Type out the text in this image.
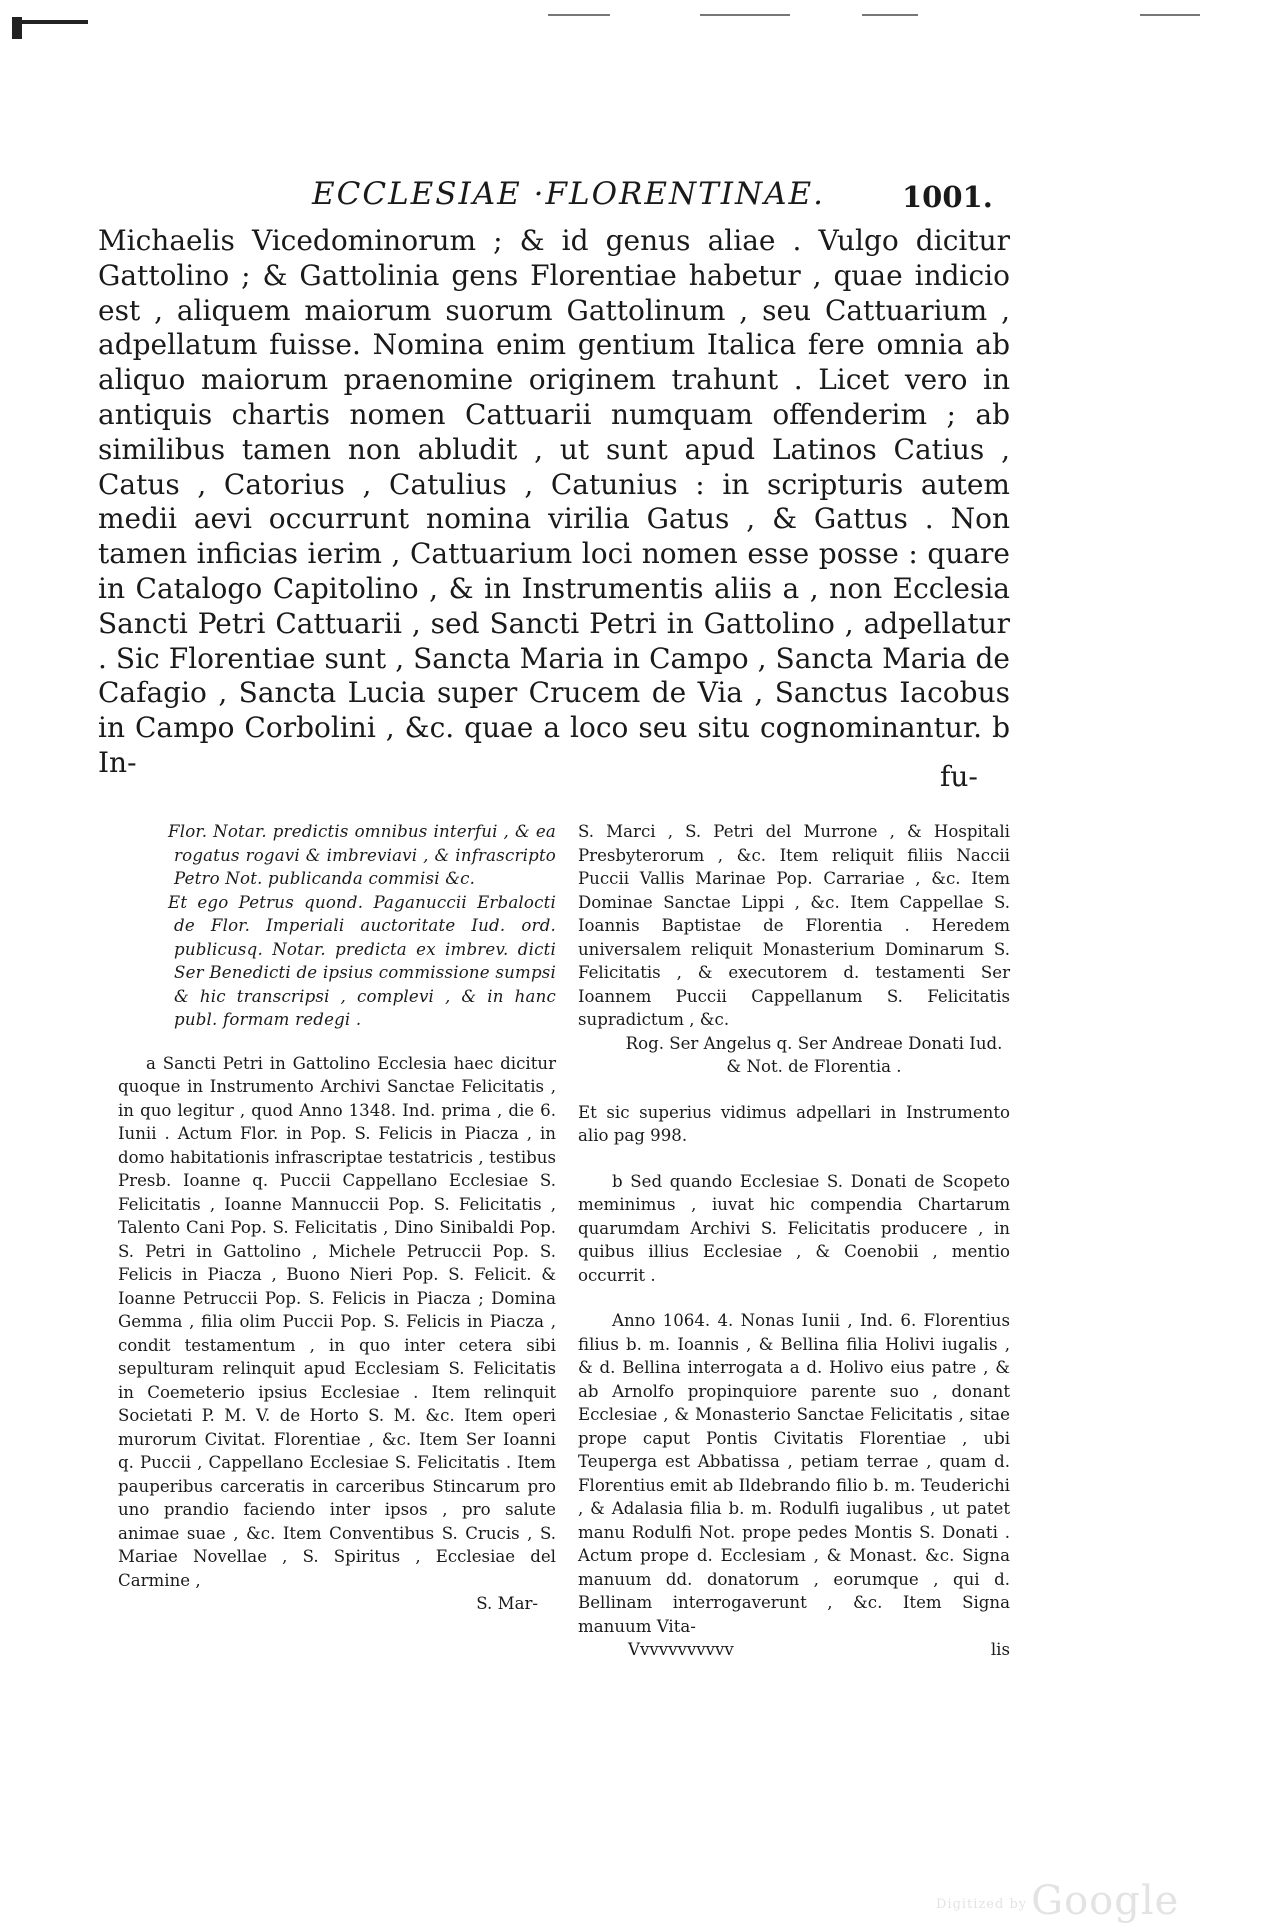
ECCLESIAE ·FLORENTINAE.	1001.

Michaelis Vicedominorum ; & id genus aliae . Vulgo dicitur Gattolino ; & Gattolinia gens Florentiae habetur , quae indicio est , aliquem maiorum suorum Gattolinum , seu Cattuarium , adpellatum fuisse. Nomina enim gentium Italica fere omnia ab aliquo maiorum praenomine originem trahunt . Licet vero in antiquis chartis nomen Cattuarii numquam offenderim ; ab similibus tamen non abludit , ut sunt apud Latinos Catius , Catus , Catorius , Catulius , Catunius : in scripturis autem medii aevi occurrunt nomina virilia Gatus , & Gattus . Non tamen inficias ierim , Cattuarium loci nomen esse posse : quare in Catalogo Capitolino , & in Instrumentis aliis a , non Ecclesia Sancti Petri Cattuarii , sed Sancti Petri in Gattolino , adpellatur . Sic Florentiae sunt , Sancta Maria in Campo , Sancta Maria de Cafagio , Sancta Lucia super Crucem de Via , Sanctus Iacobus in Campo Corbolini , &c. quae a loco seu situ cognominantur. b In-	fu-

Flor. Notar. predictis omnibus interfui , & ea rogatus rogavi & imbreviavi , & infrascripto Petro Not. publicanda commisi &c.

Et ego Petrus quond. Paganuccii Erbalocti de Flor. Imperiali auctoritate Iud. ord. publicusq. Notar. predicta ex imbrev. dicti Ser Benedicti de ipsius commissione sumpsi & hic transcripsi , complevi , & in hanc publ. formam redegi .

a Sancti Petri in Gattolino Ecclesia haec dicitur quoque in Instrumento Archivi Sanctae Felicitatis , in quo legitur , quod Anno 1348. Ind. prima , die 6. Iunii . Actum Flor. in Pop. S. Felicis in Piacza , in domo habitationis infrascriptae testatricis , testibus Presb. Ioanne q. Puccii Cappellano Ecclesiae S. Felicitatis , Ioanne Mannuccii Pop. S. Felicitatis , Talento Cani Pop. S. Felicitatis , Dino Sinibaldi Pop. S. Petri in Gattolino , Michele Petruccii Pop. S. Felicis in Piacza , Buono Nieri Pop. S. Felicit. & Ioanne Petruccii Pop. S. Felicis in Piacza ; Domina Gemma , filia olim Puccii Pop. S. Felicis in Piacza , condit testamentum , in quo inter cetera sibi sepulturam relinquit apud Ecclesiam S. Felicitatis in Coemeterio ipsius Ecclesiae . Item relinquit Societati P. M. V. de Horto S. M. &c. Item operi murorum Civitat. Florentiae , &c. Item Ser Ioanni q. Puccii , Cappellano Ecclesiae S. Felicitatis . Item pauperibus carceratis in carceribus Stincarum pro uno prandio faciendo inter ipsos , pro salute animae suae , &c. Item Conventibus S. Crucis , S. Mariae Novellae , S. Spiritus , Ecclesiae del Carmine ,

S. Mar-

S. Marci , S. Petri del Murrone , & Hospitali Presbyterorum , &c. Item reliquit filiis Naccii Puccii Vallis Marinae Pop. Carrariae , &c. Item Dominae Sanctae Lippi , &c. Item Cappellae S. Ioannis Baptistae de Florentia . Heredem universalem reliquit Monasterium Dominarum S. Felicitatis , & executorem d. testamenti Ser Ioannem Puccii Cappellanum S. Felicitatis supradictum , &c.

Rog. Ser Angelus q. Ser Andreae Donati Iud. & Not. de Florentia .

Et sic superius vidimus adpellari in Instrumento alio pag 998.

b Sed quando Ecclesiae S. Donati de Scopeto meminimus , iuvat hic compendia Chartarum quarumdam Archivi S. Felicitatis producere , in quibus illius Ecclesiae , & Coenobii , mentio occurrit .

Anno 1064. 4. Nonas Iunii , Ind. 6. Florentius filius b. m. Ioannis , & Bellina filia Holivi iugalis , & d. Bellina interrogata a d. Holivo eius patre , & ab Arnolfo propinquiore parente suo , donant Ecclesiae , & Monasterio Sanctae Felicitatis , sitae prope caput Pontis Civitatis Florentiae , ubi Teuperga est Abbatissa , petiam terrae , quam d. Florentius emit ab Ildebrando filio b. m. Teuderichi , & Adalasia filia b. m. Rodulfi iugalibus , ut patet manu Rodulfi Not. prope pedes Montis S. Donati . Actum prope d. Ecclesiam , & Monast. &c. Signa manuum dd. donatorum , eorumque , qui d. Bellinam interrogaverunt , &c. Item Signa manuum Vita-

Vvvvvvvvvvv	lis
Digitized by Google
